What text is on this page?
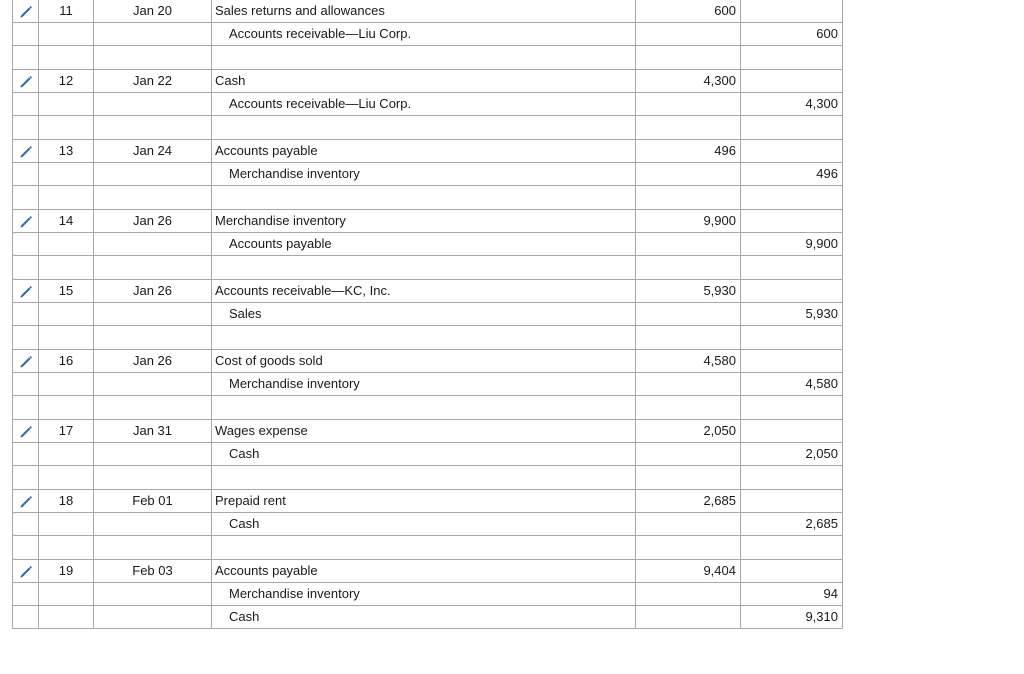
	11	Jan 20	Sales returns and allowances	600	
			Accounts receivable—Liu Corp.		600

	12	Jan 22	Cash	4,300	
			Accounts receivable—Liu Corp.		4,300

	13	Jan 24	Accounts payable	496	
			Merchandise inventory		496

	14	Jan 26	Merchandise inventory	9,900	
			Accounts payable		9,900

	15	Jan 26	Accounts receivable—KC, Inc.	5,930	
			Sales		5,930

	16	Jan 26	Cost of goods sold	4,580	
			Merchandise inventory		4,580

	17	Jan 31	Wages expense	2,050	
			Cash		2,050

	18	Feb 01	Prepaid rent	2,685	
			Cash		2,685

	19	Feb 03	Accounts payable	9,404	
			Merchandise inventory		94
			Cash		9,310
